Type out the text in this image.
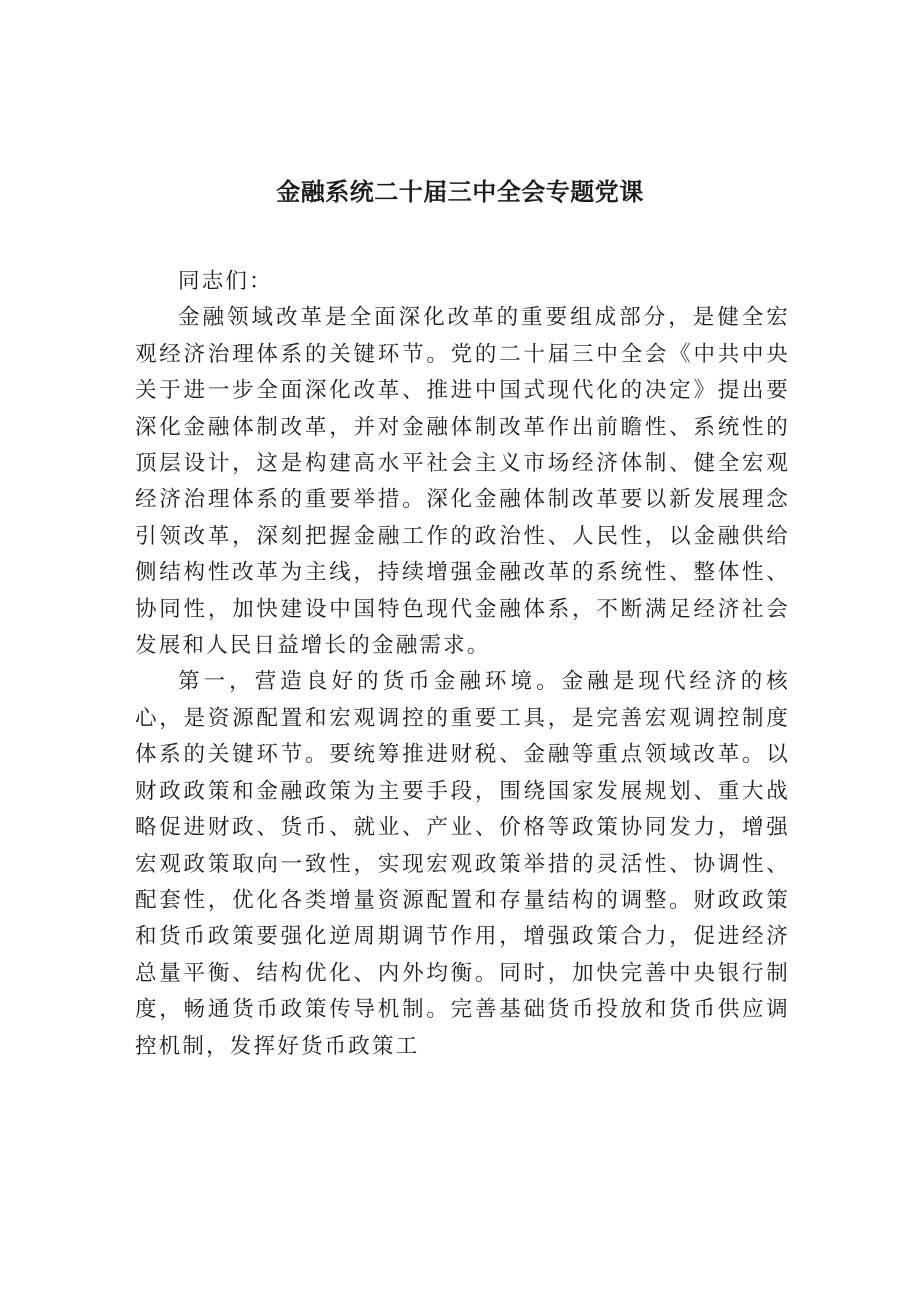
金融系统二十届三中全会专题党课

同志们：

金融领域改革是全面深化改革的重要组成部分，是健全宏观经济治理体系的关键环节。党的二十届三中全会《中共中央关于进一步全面深化改革、推进中国式现代化的决定》提出要深化金融体制改革，并对金融体制改革作出前瞻性、系统性的顶层设计，这是构建高水平社会主义市场经济体制、健全宏观经济治理体系的重要举措。深化金融体制改革要以新发展理念引领改革，深刻把握金融工作的政治性、人民性，以金融供给侧结构性改革为主线，持续增强金融改革的系统性、整体性、协同性，加快建设中国特色现代金融体系，不断满足经济社会发展和人民日益增长的金融需求。

第一，营造良好的货币金融环境。金融是现代经济的核心，是资源配置和宏观调控的重要工具，是完善宏观调控制度体系的关键环节。要统筹推进财税、金融等重点领域改革。以财政政策和金融政策为主要手段，围绕国家发展规划、重大战略促进财政、货币、就业、产业、价格等政策协同发力，增强宏观政策取向一致性，实现宏观政策举措的灵活性、协调性、配套性，优化各类增量资源配置和存量结构的调整。财政政策和货币政策要强化逆周期调节作用，增强政策合力，促进经济总量平衡、结构优化、内外均衡。同时，加快完善中央银行制度，畅通货币政策传导机制。完善基础货币投放和货币供应调控机制，发挥好货币政策工
